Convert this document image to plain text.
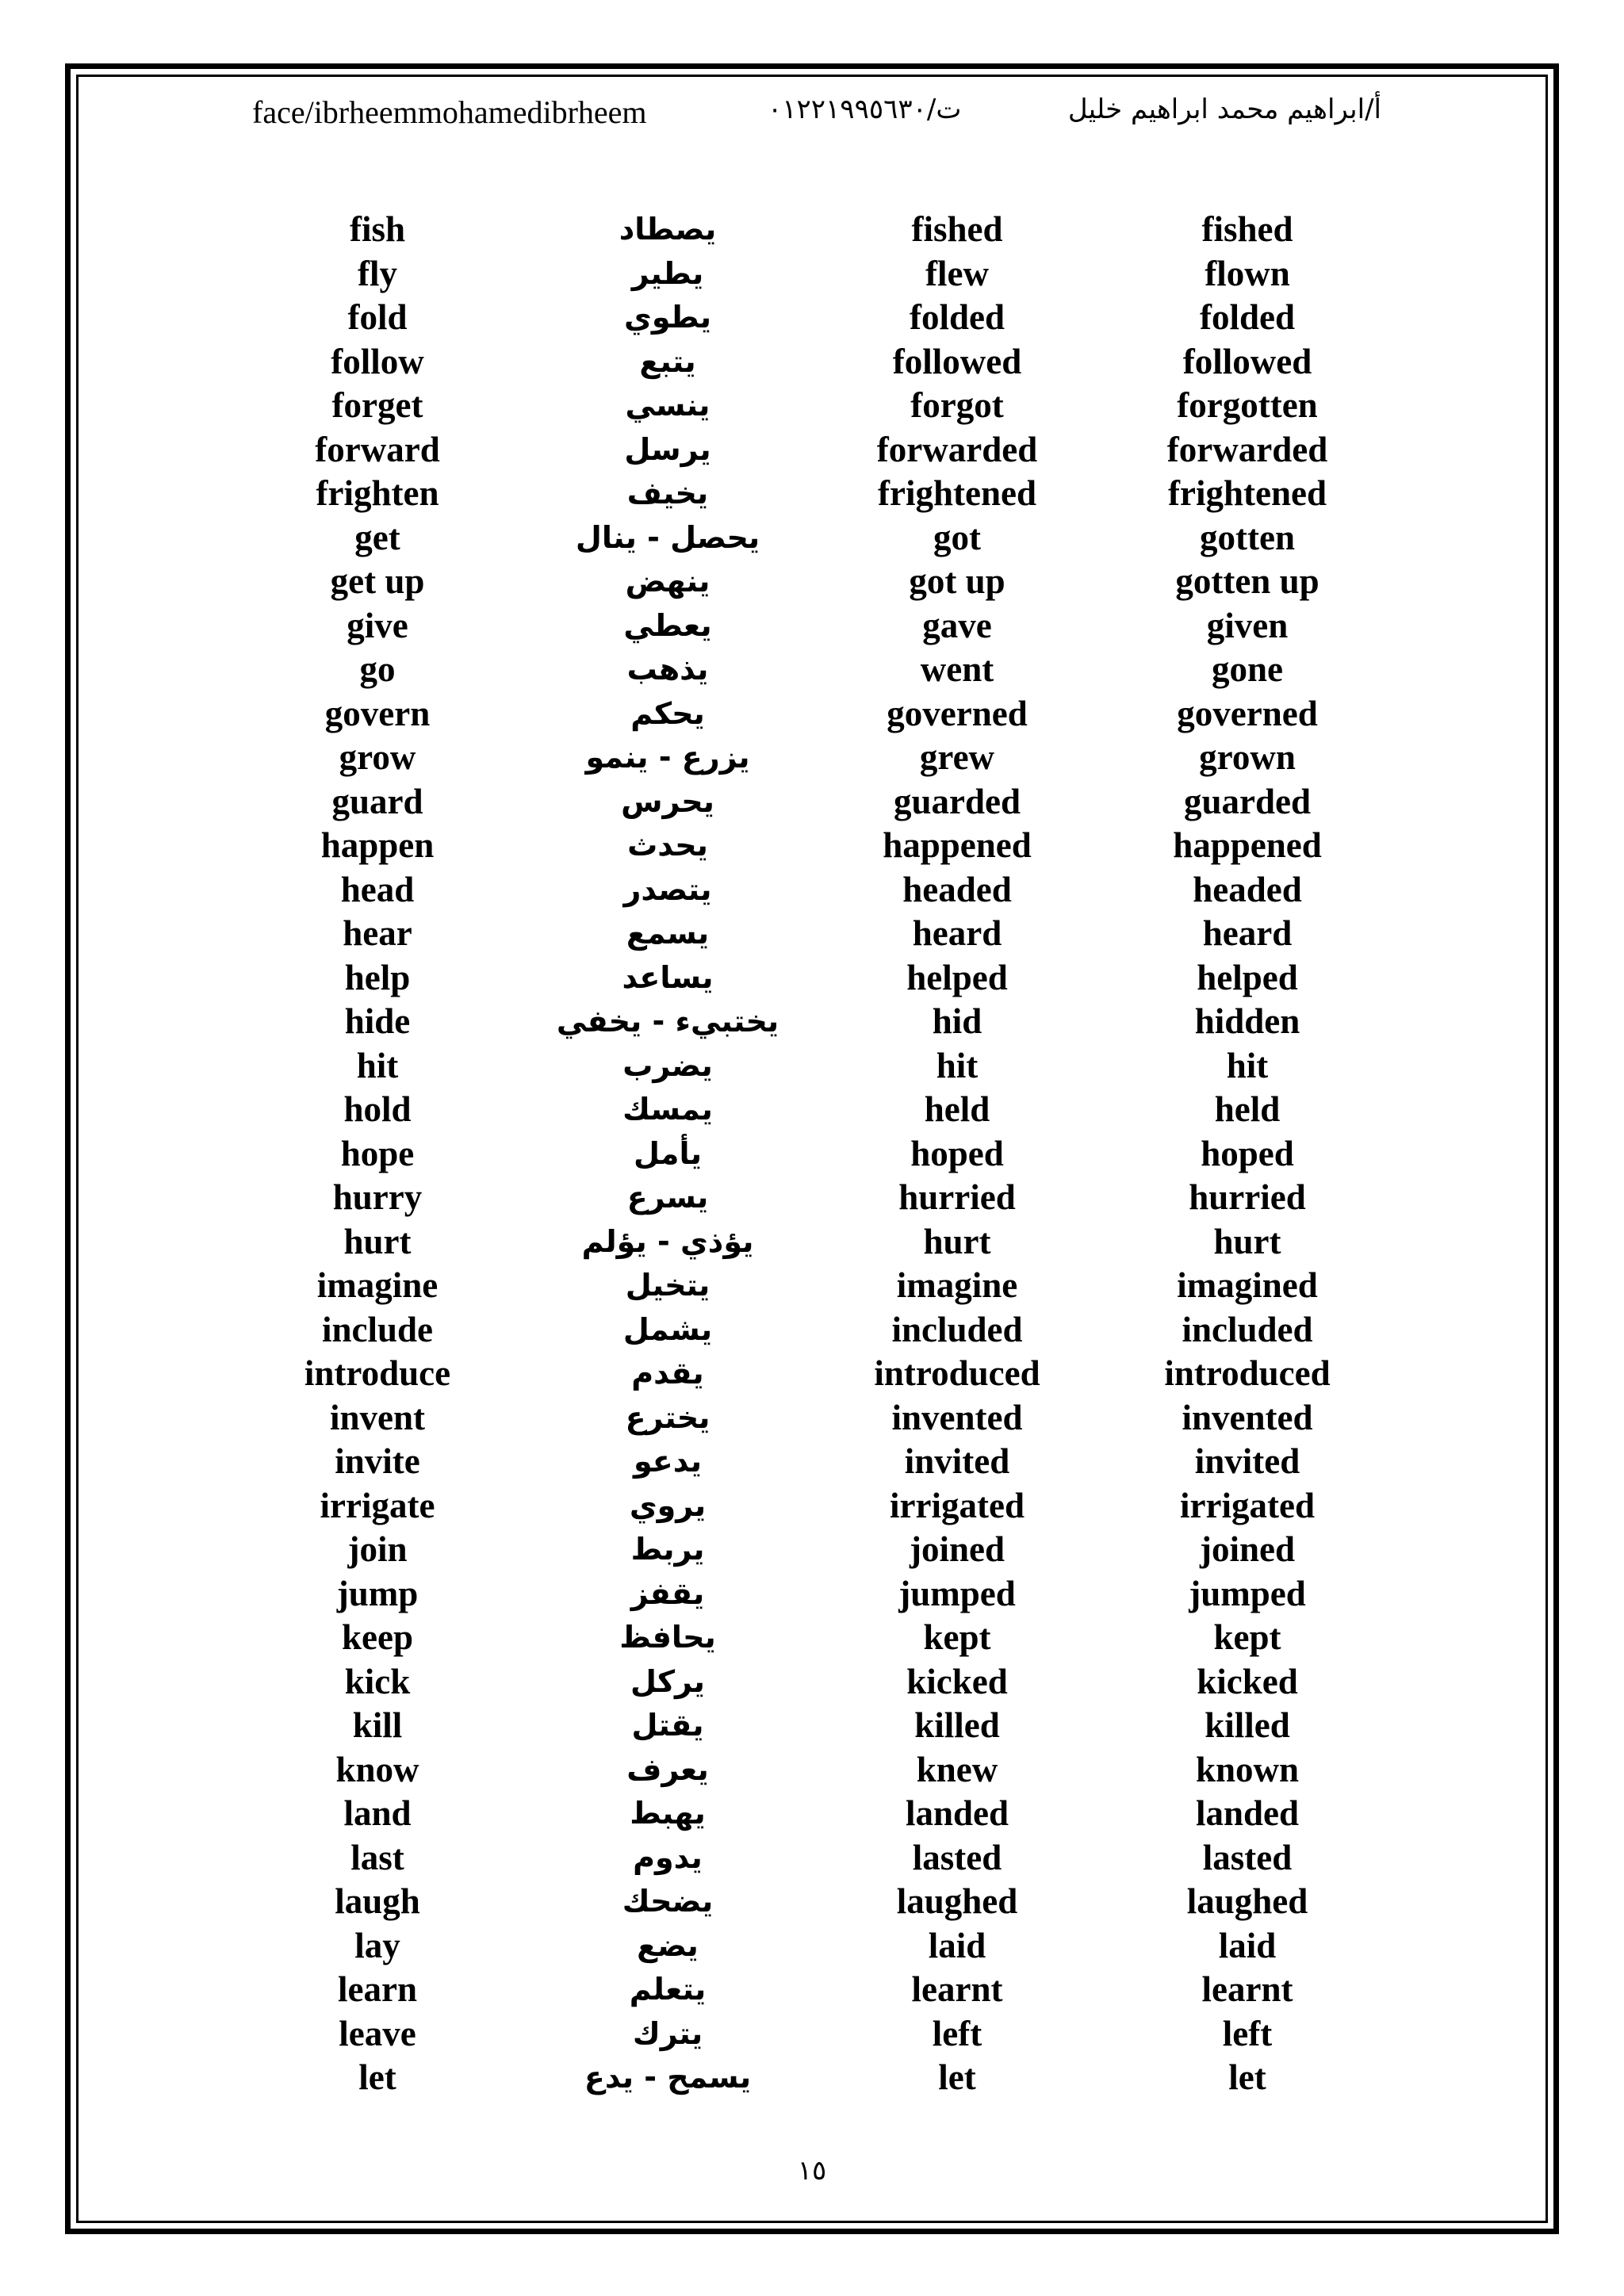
face/ibrheemmohamedibrheem	ت/٠١٢٢١٩٩٥٦٣٠	أ/ابراهيم محمد ابراهيم خليل
fish	يصطاد	fished	fished
fly	يطير	flew	flown
fold	يطوي	folded	folded
follow	يتبع	followed	followed
forget	ينسي	forgot	forgotten
forward	يرسل	forwarded	forwarded
frighten	يخيف	frightened	frightened
get	يحصل - ينال	got	gotten
get up	ينهض	got up	gotten up
give	يعطي	gave	given
go	يذهب	went	gone
govern	يحكم	governed	governed
grow	يزرع - ينمو	grew	grown
guard	يحرس	guarded	guarded
happen	يحدث	happened	happened
head	يتصدر	headed	headed
hear	يسمع	heard	heard
help	يساعد	helped	helped
hide	يختبيء - يخفي	hid	hidden
hit	يضرب	hit	hit
hold	يمسك	held	held
hope	يأمل	hoped	hoped
hurry	يسرع	hurried	hurried
hurt	يؤذي - يؤلم	hurt	hurt
imagine	يتخيل	imagine	imagined
include	يشمل	included	included
introduce	يقدم	introduced	introduced
invent	يخترع	invented	invented
invite	يدعو	invited	invited
irrigate	يروي	irrigated	irrigated
join	يربط	joined	joined
jump	يقفز	jumped	jumped
keep	يحافظ	kept	kept
kick	يركل	kicked	kicked
kill	يقتل	killed	killed
know	يعرف	knew	known
land	يهبط	landed	landed
last	يدوم	lasted	lasted
laugh	يضحك	laughed	laughed
lay	يضع	laid	laid
learn	يتعلم	learnt	learnt
leave	يترك	left	left
let	يسمح - يدع	let	let
١٥
